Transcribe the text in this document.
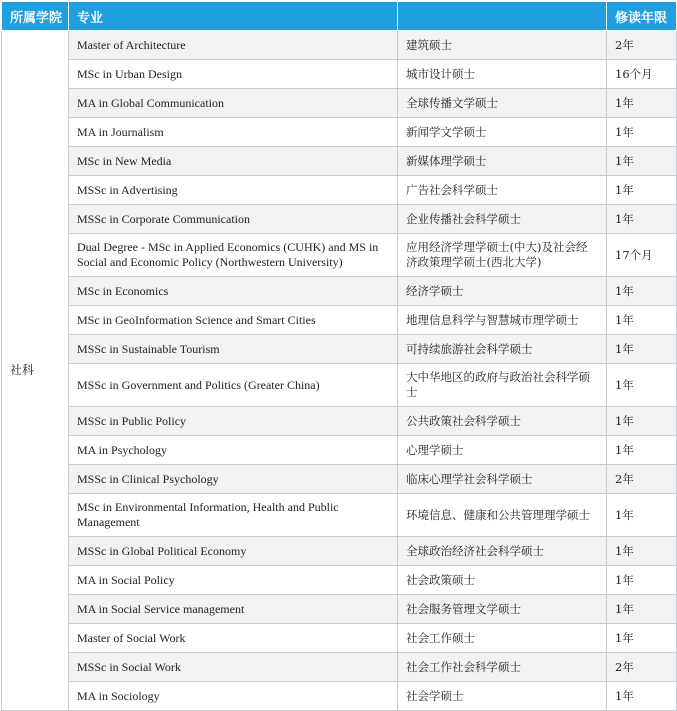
所属学院	专业		修读年限
社科	Master of Architecture	建筑硕士	2年
	MSc in Urban Design	城市设计硕士	16个月
	MA in Global Communication	全球传播文学硕士	1年
	MA in Journalism	新闻学文学硕士	1年
	MSc in New Media	新媒体理学硕士	1年
	MSSc in Advertising	广告社会科学硕士	1年
	MSSc in Corporate Communication	企业传播社会科学硕士	1年
	Dual Degree - MSc in Applied Economics (CUHK) and MS in Social and Economic Policy (Northwestern University)	应用经济学理学硕士(中大)及社会经济政策理学硕士(西北大学)	17个月
	MSc in Economics	经济学硕士	1年
	MSc in GeoInformation Science and Smart Cities	地理信息科学与智慧城市理学硕士	1年
	MSSc in Sustainable Tourism	可持续旅游社会科学硕士	1年
	MSSc in Government and Politics (Greater China)	大中华地区的政府与政治社会科学硕士	1年
	MSSc in Public Policy	公共政策社会科学硕士	1年
	MA in Psychology	心理学硕士	1年
	MSSc in Clinical Psychology	临床心理学社会科学硕士	2年
	MSc in Environmental Information, Health and Public Management	环境信息、健康和公共管理理学硕士	1年
	MSSc in Global Political Economy	全球政治经济社会科学硕士	1年
	MA in Social Policy	社会政策硕士	1年
	MA in Social Service management	社会服务管理文学硕士	1年
	Master of Social Work	社会工作硕士	1年
	MSSc in Social Work	社会工作社会科学硕士	2年
	MA in Sociology	社会学硕士	1年
